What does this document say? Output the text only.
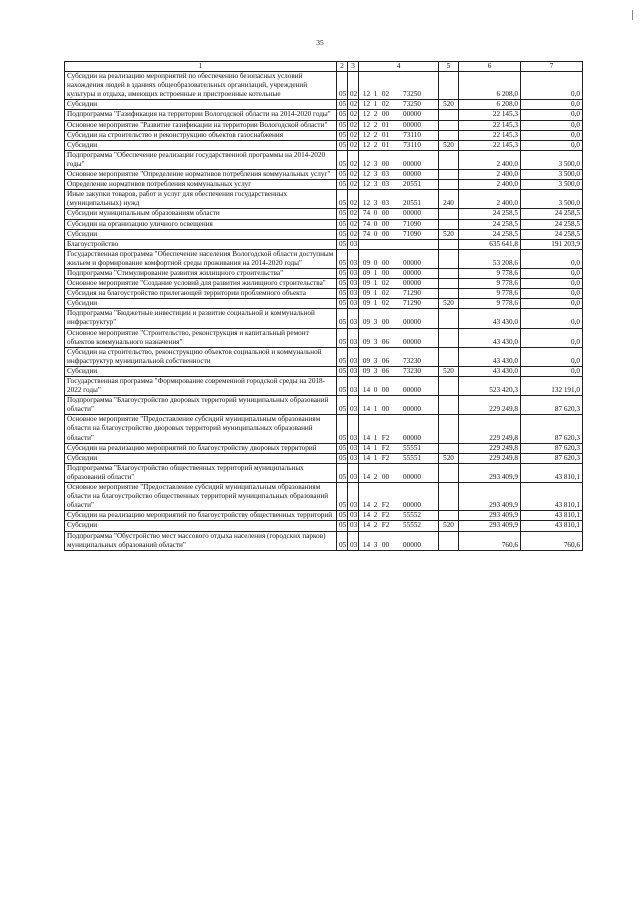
35
1	2	3	4	5	6	7
Субсидии на реализацию мероприятий по обеспечению безопасных условий нахождения людей в зданиях общеобразовательных организаций, учреждений культуры и отдыха, имеющих встроенные и пристроенные котельные	05	02	12 1 02 73250		6 208,0	0,0
Субсидии	05	02	12 1 02 73250	520	6 208,0	0,0
Подпрограмма "Газификация на территории Вологодской области на 2014-2020 годы"	05	02	12 2 00 00000		22 145,3	0,0
Основное мероприятие "Развитие газификации на территории Вологодской области"	05	02	12 2 01 00000		22 145,3	0,0
Субсидии на строительство и реконструкцию объектов газоснабжения	05	02	12 2 01 73110		22 145,3	0,0
Субсидии	05	02	12 2 01 73110	520	22 145,3	0,0
Подпрограмма "Обеспечение реализации государственной программы на 2014-2020 годы"	05	02	12 3 00 00000		2 400,0	3 500,0
Основное мероприятие "Определение нормативов потребления коммунальных услуг"	05	02	12 3 03 00000		2 400,0	3 500,0
Определение нормативов потребления коммунальных услуг	05	02	12 3 03 20551		2 400,0	3 500,0
Иные закупки товаров, работ и услуг для обеспечения государственных (муниципальных) нужд	05	02	12 3 03 20551	240	2 400,0	3 500,0
Субсидии муниципальным образованиям области	05	02	74 0 00 00000		24 258,5	24 258,5
Субсидии на организацию уличного освещения	05	02	74 0 00 71090		24 258,5	24 258,5
Субсидии	05	02	74 0 00 71090	520	24 258,5	24 258,5
Благоустройство	05	03			635 641,8	191 203,9
Государственная программа "Обеспечение населения Вологодской области доступным жильем и формирование комфортной среды проживания на 2014-2020 годы"	05	03	09 0 00 00000		53 208,6	0,0
Подпрограмма "Стимулирование развития жилищного строительства"	05	03	09 1 00 00000		9 778,6	0,0
Основное мероприятие "Создание условий для развития жилищного строительства"	05	03	09 1 02 00000		9 778,6	0,0
Субсидия на благоустройство прилегающей территории проблемного объекта	05	03	09 1 02 71290		9 778,6	0,0
Субсидии	05	03	09 1 02 71290	520	9 778,6	0,0
Подпрограмма "Бюджетные инвестиции и развитие социальной и коммунальной инфраструктур"	05	03	09 3 00 00000		43 430,0	0,0
Основное мероприятие "Строительство, реконструкция и капитальный ремонт объектов коммунального назначения"	05	03	09 3 06 00000		43 430,0	0,0
Субсидии на строительство, реконструкцию объектов социальной и коммунальной инфраструктур муниципальной собственности	05	03	09 3 06 73230		43 430,0	0,0
Субсидии	05	03	09 3 06 73230	520	43 430,0	0,0
Государственная программа "Формирование современной городской среды на 2018-2022 годы"	05	03	14 0 00 00000		523 420,3	132 191,0
Подпрограмма "Благоустройство дворовых территорий муниципальных образований области"	05	03	14 1 00 00000		229 249,8	87 620,3
Основное мероприятие "Предоставление субсидий муниципальным образованиям области на благоустройство дворовых территорий муниципальных образований области"	05	03	14 1 F2 00000		229 249,8	87 620,3
Субсидии на реализацию мероприятий по благоустройству дворовых территорий	05	03	14 1 F2 55551		229 249,8	87 620,3
Субсидии	05	03	14 1 F2 55551	520	229 249,8	87 620,3
Подпрограмма "Благоустройство общественных территорий муниципальных образований области"	05	03	14 2 00 00000		293 409,9	43 810,1
Основное мероприятие "Предоставление субсидий муниципальным образованиям области на благоустройство общественных территорий муниципальных образований области"	05	03	14 2 F2 00000		293 409,9	43 810,1
Субсидии на реализацию мероприятий по благоустройству общественных территорий	05	03	14 2 F2 55552		293 409,9	43 810,1
Субсидии	05	03	14 2 F2 55552	520	293 409,9	43 810,1
Подпрограмма "Обустройство мест массового отдыха населения (городских парков) муниципальных образований области"	05	03	14 3 00 00000		760,6	760,6
